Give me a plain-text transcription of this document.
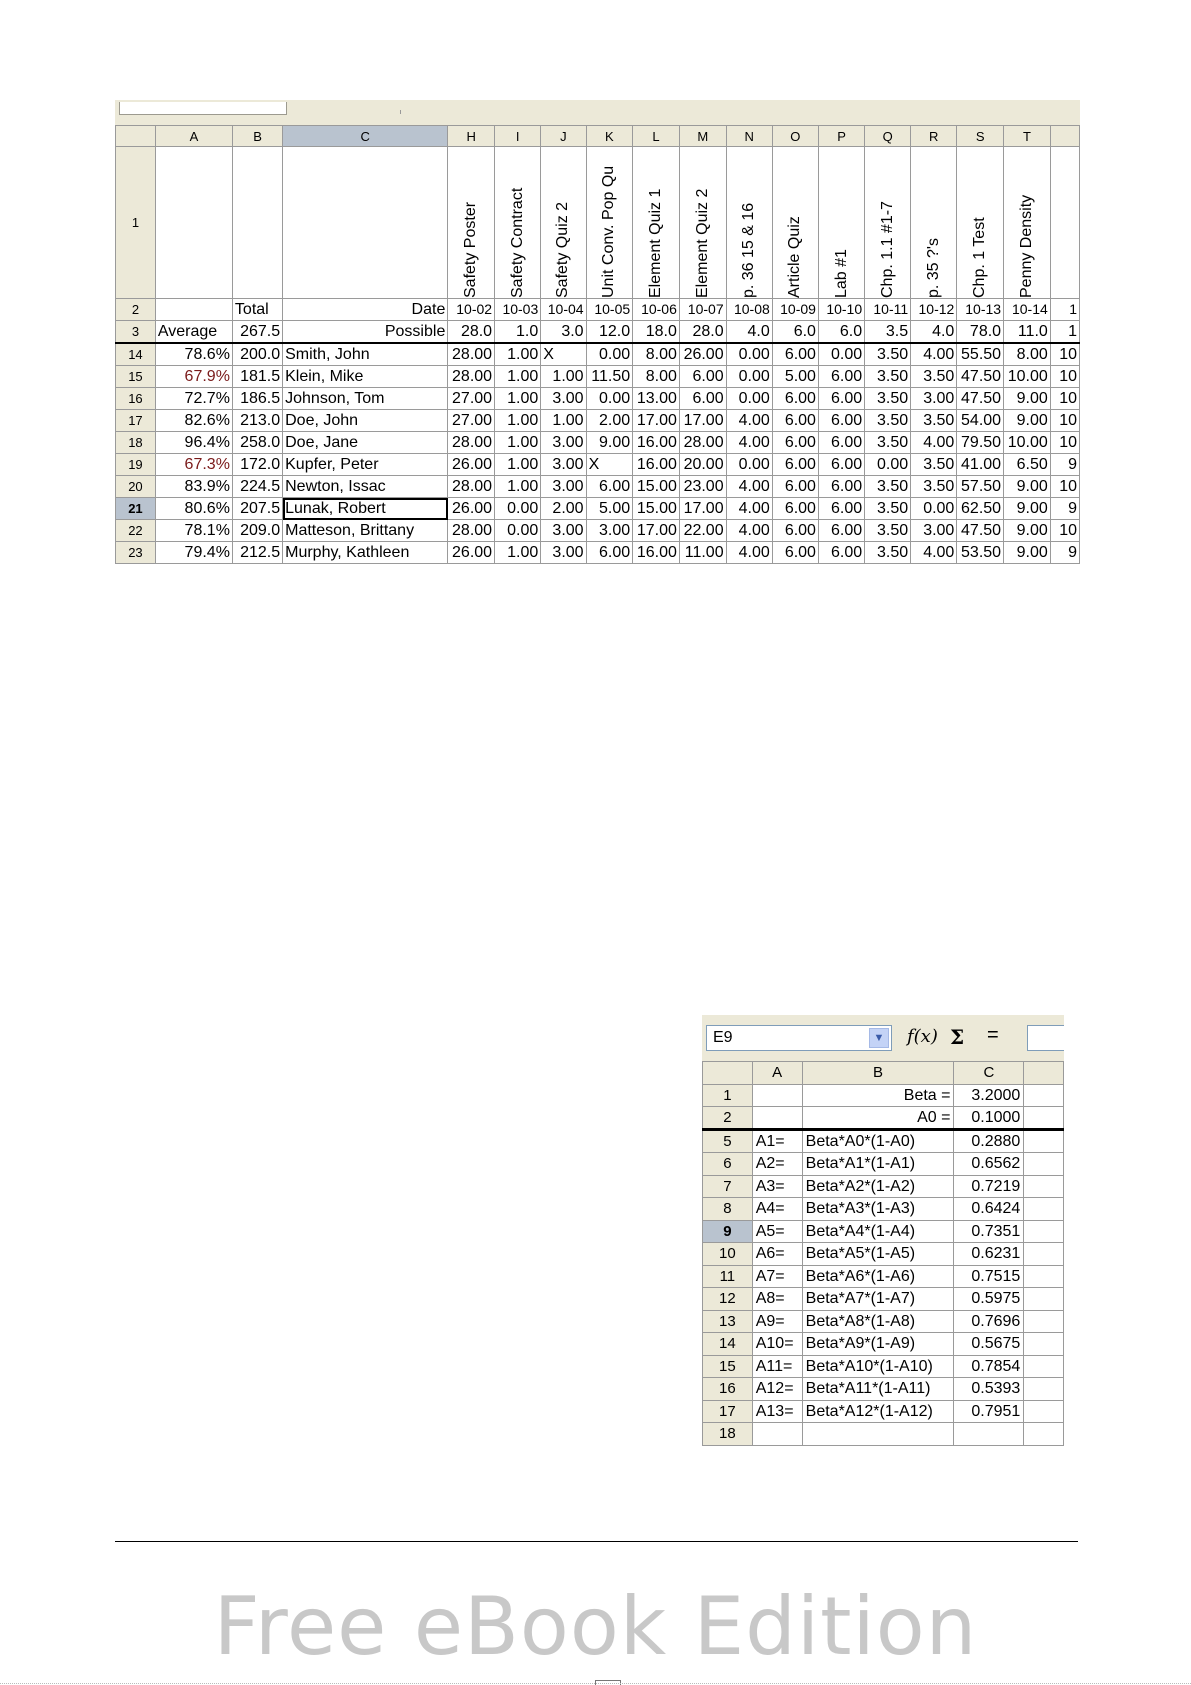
	A	B	C	H	I	J	K	L	M	N	O	P	Q	R	S	T	
1				Safety Poster	Safety Contract	Safety Quiz 2	Unit Conv. Pop Qu	Element Quiz 1	Element Quiz 2	p. 36 15 & 16	Article Quiz	Lab #1	Chp. 1.1 #1-7	p. 35 ?'s	Chp. 1 Test	Penny Density	

2		Total	Date	10-02	10-03	10-04	10-05	10-06	10-07	10-08	10-09	10-10	10-11	10-12	10-13	10-14	1
3	Average	267.5	Possible	28.0	1.0	3.0	12.0	18.0	28.0	4.0	6.0	6.0	3.5	4.0	78.0	11.0	1
14	78.6%	200.0	Smith, John	28.00	1.00	X	0.00	8.00	26.00	0.00	6.00	0.00	3.50	4.00	55.50	8.00	10
15	67.9%	181.5	Klein, Mike	28.00	1.00	1.00	11.50	8.00	6.00	0.00	5.00	6.00	3.50	3.50	47.50	10.00	10
16	72.7%	186.5	Johnson, Tom	27.00	1.00	3.00	0.00	13.00	6.00	0.00	6.00	6.00	3.50	3.00	47.50	9.00	10
17	82.6%	213.0	Doe, John	27.00	1.00	1.00	2.00	17.00	17.00	4.00	6.00	6.00	3.50	3.50	54.00	9.00	10
18	96.4%	258.0	Doe, Jane	28.00	1.00	3.00	9.00	16.00	28.00	4.00	6.00	6.00	3.50	4.00	79.50	10.00	10
19	67.3%	172.0	Kupfer, Peter	26.00	1.00	3.00	X	16.00	20.00	0.00	6.00	6.00	0.00	3.50	41.00	6.50	9
20	83.9%	224.5	Newton, Issac	28.00	1.00	3.00	6.00	15.00	23.00	4.00	6.00	6.00	3.50	3.50	57.50	9.00	10
21	80.6%	207.5	Lunak, Robert	26.00	0.00	2.00	5.00	15.00	17.00	4.00	6.00	6.00	3.50	0.00	62.50	9.00	9
22	78.1%	209.0	Matteson, Brittany	28.00	0.00	3.00	3.00	17.00	22.00	4.00	6.00	6.00	3.50	3.00	47.50	9.00	10
23	79.4%	212.5	Murphy, Kathleen	26.00	1.00	3.00	6.00	16.00	11.00	4.00	6.00	6.00	3.50	4.00	53.50	9.00	9
E9	▼ f(x) Σ =
	A	B	C	
1		Beta =	3.2000	
2		A0 =	0.1000	
5	A1=	Beta*A0*(1-A0)	0.2880	
6	A2=	Beta*A1*(1-A1)	0.6562	
7	A3=	Beta*A2*(1-A2)	0.7219	
8	A4=	Beta*A3*(1-A3)	0.6424	
9	A5=	Beta*A4*(1-A4)	0.7351	
10	A6=	Beta*A5*(1-A5)	0.6231	
11	A7=	Beta*A6*(1-A6)	0.7515	
12	A8=	Beta*A7*(1-A7)	0.5975	
13	A9=	Beta*A8*(1-A8)	0.7696	
14	A10=	Beta*A9*(1-A9)	0.5675	
15	A11=	Beta*A10*(1-A10)	0.7854	
16	A12=	Beta*A11*(1-A11)	0.5393	
17	A13=	Beta*A12*(1-A12)	0.7951	
18				
Free eBook Edition
